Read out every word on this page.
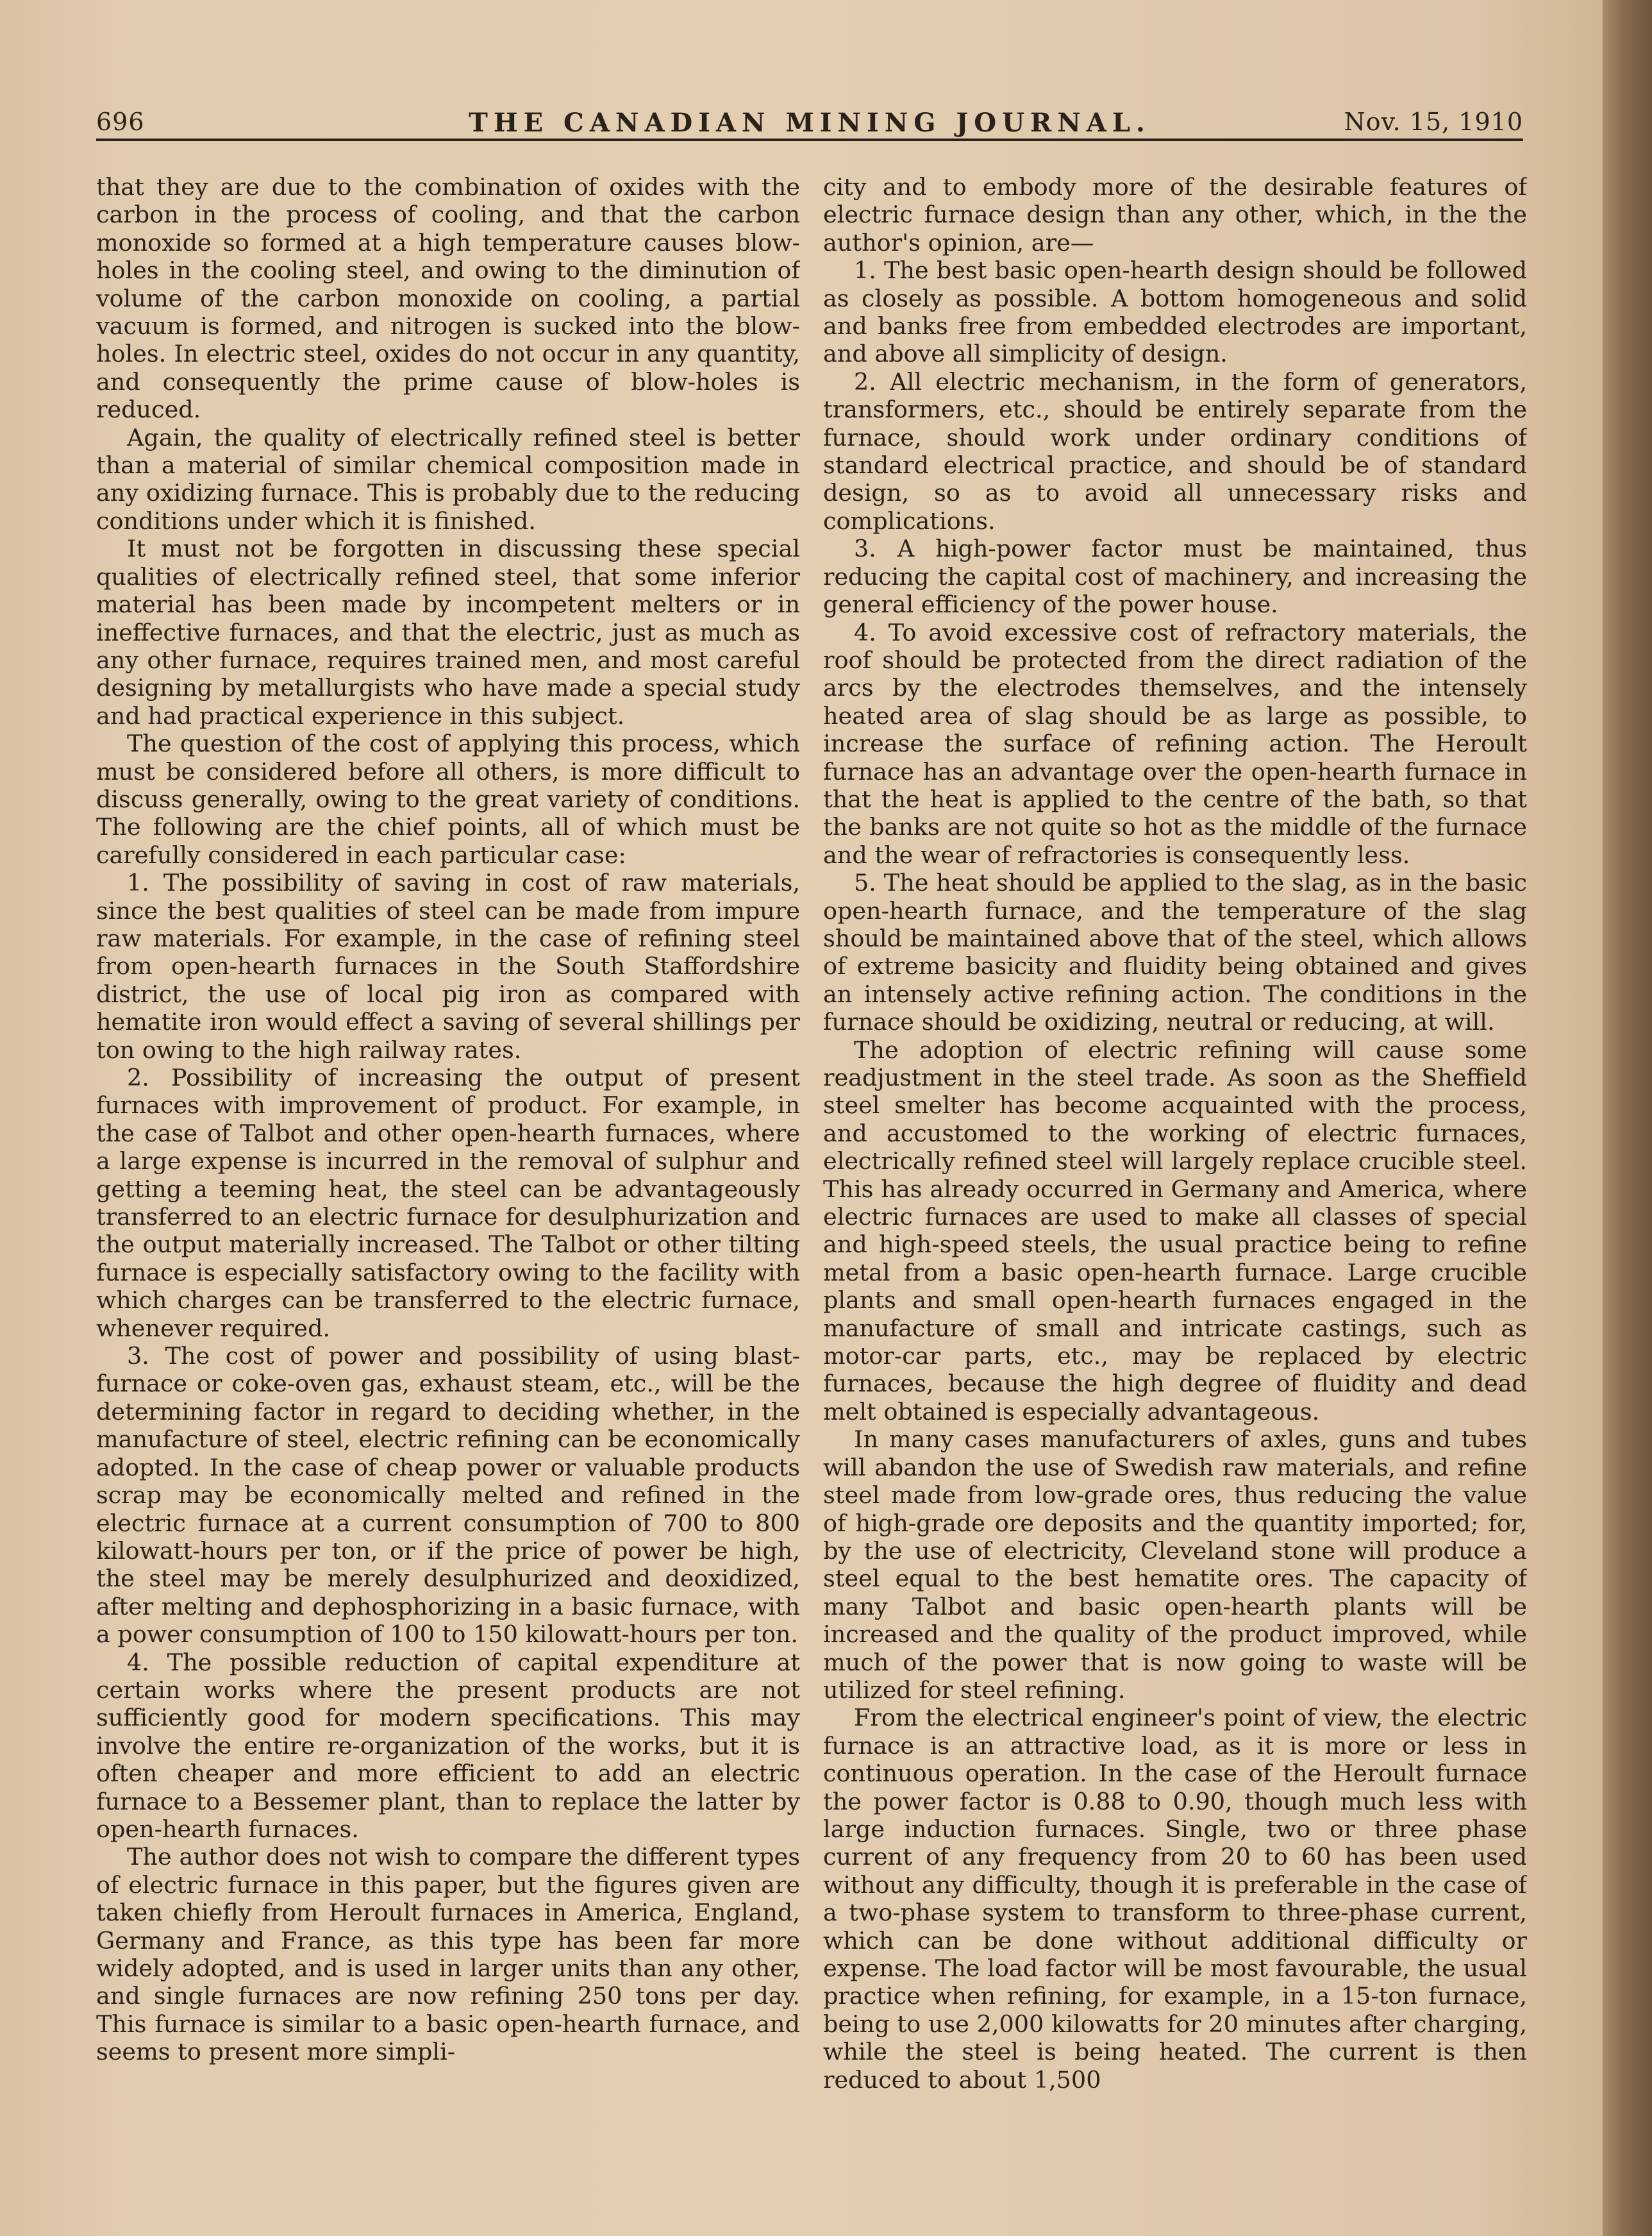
696	THE CANADIAN MINING JOURNAL.	Nov. 15, 1910

that they are due to the combination of oxides with the carbon in the process of cooling, and that the carbon monoxide so formed at a high temperature causes blow-holes in the cooling steel, and owing to the diminution of volume of the carbon monoxide on cooling, a partial vacuum is formed, and nitrogen is sucked into the blow-holes. In electric steel, oxides do not occur in any quantity, and consequently the prime cause of blow-holes is reduced.

Again, the quality of electrically refined steel is better than a material of similar chemical composition made in any oxidizing furnace. This is probably due to the reducing conditions under which it is finished.

It must not be forgotten in discussing these special qualities of electrically refined steel, that some inferior material has been made by incompetent melters or in ineffective furnaces, and that the electric, just as much as any other furnace, requires trained men, and most careful designing by metallurgists who have made a special study and had practical experience in this subject.

The question of the cost of applying this process, which must be considered before all others, is more difficult to discuss generally, owing to the great variety of conditions. The following are the chief points, all of which must be carefully considered in each particular case:

1. The possibility of saving in cost of raw materials, since the best qualities of steel can be made from impure raw materials. For example, in the case of refining steel from open-hearth furnaces in the South Staffordshire district, the use of local pig iron as compared with hematite iron would effect a saving of several shillings per ton owing to the high railway rates.

2. Possibility of increasing the output of present furnaces with improvement of product. For example, in the case of Talbot and other open-hearth furnaces, where a large expense is incurred in the removal of sulphur and getting a teeming heat, the steel can be advantageously transferred to an electric furnace for desulphurization and the output materially increased. The Talbot or other tilting furnace is especially satisfactory owing to the facility with which charges can be transferred to the electric furnace, whenever required.

3. The cost of power and possibility of using blast-furnace or coke-oven gas, exhaust steam, etc., will be the determining factor in regard to deciding whether, in the manufacture of steel, electric refining can be economically adopted. In the case of cheap power or valuable products scrap may be economically melted and refined in the electric furnace at a current consumption of 700 to 800 kilowatt-hours per ton, or if the price of power be high, the steel may be merely desulphurized and deoxidized, after melting and dephosphorizing in a basic furnace, with a power consumption of 100 to 150 kilowatt-hours per ton.

4. The possible reduction of capital expenditure at certain works where the present products are not sufficiently good for modern specifications. This may involve the entire re-organization of the works, but it is often cheaper and more efficient to add an electric furnace to a Bessemer plant, than to replace the latter by open-hearth furnaces.

The author does not wish to compare the different types of electric furnace in this paper, but the figures given are taken chiefly from Heroult furnaces in America, England, Germany and France, as this type has been far more widely adopted, and is used in larger units than any other, and single furnaces are now refining 250 tons per day. This furnace is similar to a basic open-hearth furnace, and seems to present more simpli-

city and to embody more of the desirable features of electric furnace design than any other, which, in the the author's opinion, are—

1. The best basic open-hearth design should be followed as closely as possible. A bottom homogeneous and solid and banks free from embedded electrodes are important, and above all simplicity of design.

2. All electric mechanism, in the form of generators, transformers, etc., should be entirely separate from the furnace, should work under ordinary conditions of standard electrical practice, and should be of standard design, so as to avoid all unnecessary risks and complications.

3. A high-power factor must be maintained, thus reducing the capital cost of machinery, and increasing the general efficiency of the power house.

4. To avoid excessive cost of refractory materials, the roof should be protected from the direct radiation of the arcs by the electrodes themselves, and the intensely heated area of slag should be as large as possible, to increase the surface of refining action. The Heroult furnace has an advantage over the open-hearth furnace in that the heat is applied to the centre of the bath, so that the banks are not quite so hot as the middle of the furnace and the wear of refractories is consequently less.

5. The heat should be applied to the slag, as in the basic open-hearth furnace, and the temperature of the slag should be maintained above that of the steel, which allows of extreme basicity and fluidity being obtained and gives an intensely active refining action. The conditions in the furnace should be oxidizing, neutral or reducing, at will.

The adoption of electric refining will cause some readjustment in the steel trade. As soon as the Sheffield steel smelter has become acquainted with the process, and accustomed to the working of electric furnaces, electrically refined steel will largely replace crucible steel. This has already occurred in Germany and America, where electric furnaces are used to make all classes of special and high-speed steels, the usual practice being to refine metal from a basic open-hearth furnace. Large crucible plants and small open-hearth furnaces engaged in the manufacture of small and intricate castings, such as motor-car parts, etc., may be replaced by electric furnaces, because the high degree of fluidity and dead melt obtained is especially advantageous.

In many cases manufacturers of axles, guns and tubes will abandon the use of Swedish raw materials, and refine steel made from low-grade ores, thus reducing the value of high-grade ore deposits and the quantity imported; for, by the use of electricity, Cleveland stone will produce a steel equal to the best hematite ores. The capacity of many Talbot and basic open-hearth plants will be increased and the quality of the product improved, while much of the power that is now going to waste will be utilized for steel refining.

From the electrical engineer's point of view, the electric furnace is an attractive load, as it is more or less in continuous operation. In the case of the Heroult furnace the power factor is 0.88 to 0.90, though much less with large induction furnaces. Single, two or three phase current of any frequency from 20 to 60 has been used without any difficulty, though it is preferable in the case of a two-phase system to transform to three-phase current, which can be done without additional difficulty or expense. The load factor will be most favourable, the usual practice when refining, for example, in a 15-ton furnace, being to use 2,000 kilowatts for 20 minutes after charging, while the steel is being heated. The current is then reduced to about 1,500
